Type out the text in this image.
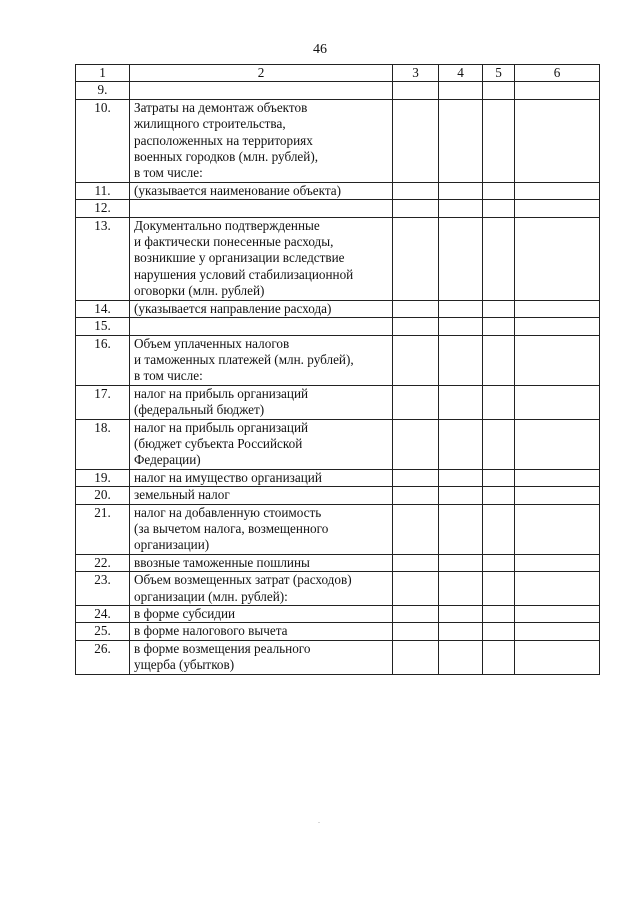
46
1	2	3	4	5	6
9.					
10.	Затраты на демонтаж объектов
жилищного строительства,
расположенных на территориях
военных городков (млн. рублей),
в том числе:				
11.	(указывается наименование объекта)				
12.					
13.	Документально подтвержденные
и фактически понесенные расходы,
возникшие у организации вследствие
нарушения условий стабилизационной
оговорки (млн. рублей)				
14.	(указывается направление расхода)				
15.					
16.	Объем уплаченных налогов
и таможенных платежей (млн. рублей),
в том числе:				
17.	налог на прибыль организаций
(федеральный бюджет)				
18.	налог на прибыль организаций
(бюджет субъекта Российской
Федерации)				
19.	налог на имущество организаций				
20.	земельный налог				
21.	налог на добавленную стоимость
(за вычетом налога, возмещенного
организации)				
22.	ввозные таможенные пошлины				
23.	Объем возмещенных затрат (расходов)
организации (млн. рублей):				
24.	в форме субсидии				
25.	в форме налогового вычета				
26.	в форме возмещения реального
ущерба (убытков)				
